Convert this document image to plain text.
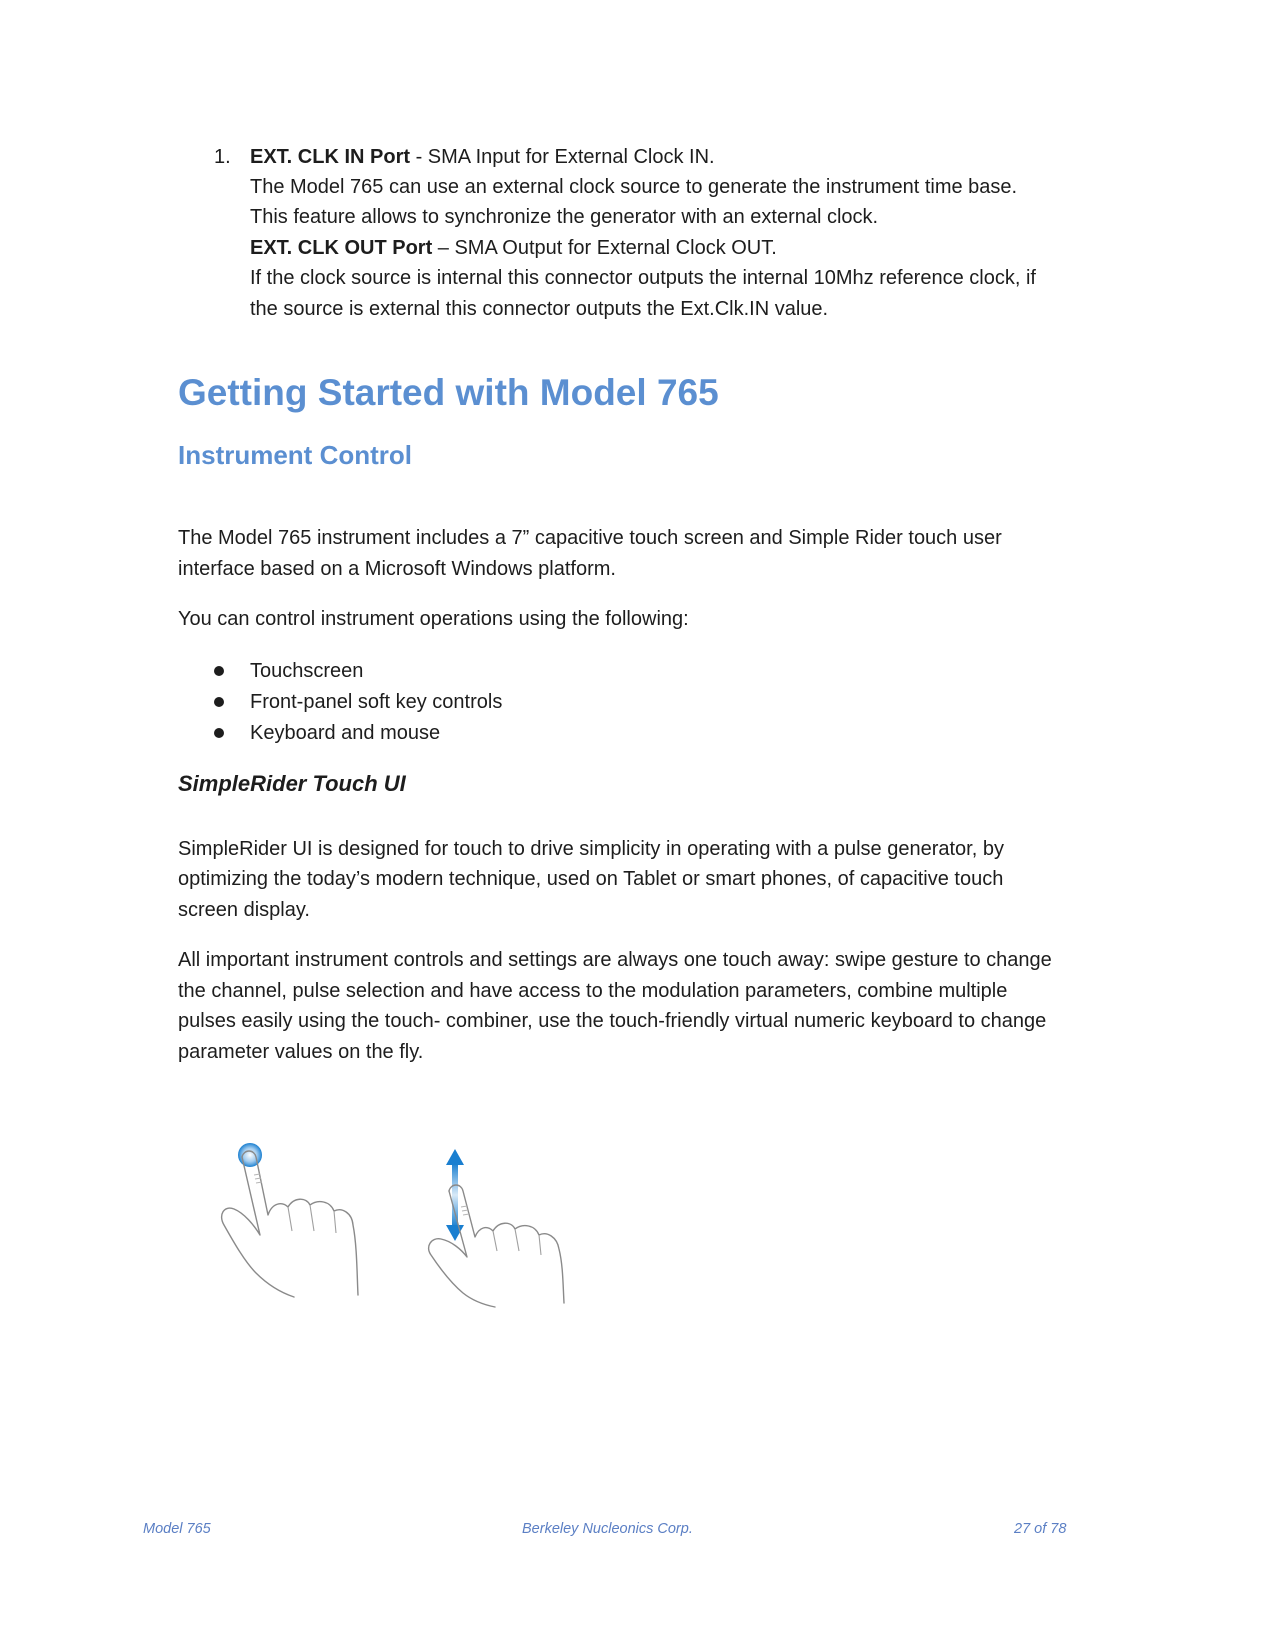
1. EXT. CLK IN Port - SMA Input for External Clock IN.
The Model 765 can use an external clock source to generate the instrument time base.
This feature allows to synchronize the generator with an external clock.
EXT. CLK OUT Port – SMA Output for External Clock OUT.
If the clock source is internal this connector outputs the internal 10Mhz reference clock, if
the source is external this connector outputs the Ext.Clk.IN value.
Getting Started with Model 765
Instrument Control
The Model 765 instrument includes a 7” capacitive touch screen and Simple Rider touch user
interface based on a Microsoft Windows platform.
You can control instrument operations using the following:
Touchscreen
Front-panel soft key controls
Keyboard and mouse
SimpleRider Touch UI
SimpleRider UI is designed for touch to drive simplicity in operating with a pulse generator, by
optimizing the today’s modern technique, used on Tablet or smart phones, of capacitive touch
screen display.
All important instrument controls and settings are always one touch away: swipe gesture to change
the channel, pulse selection and have access to the modulation parameters, combine multiple
pulses easily using the touch- combiner, use the touch-friendly virtual numeric keyboard to change
parameter values on the fly.
Model 765	Berkeley Nucleonics Corp.	27 of 78
